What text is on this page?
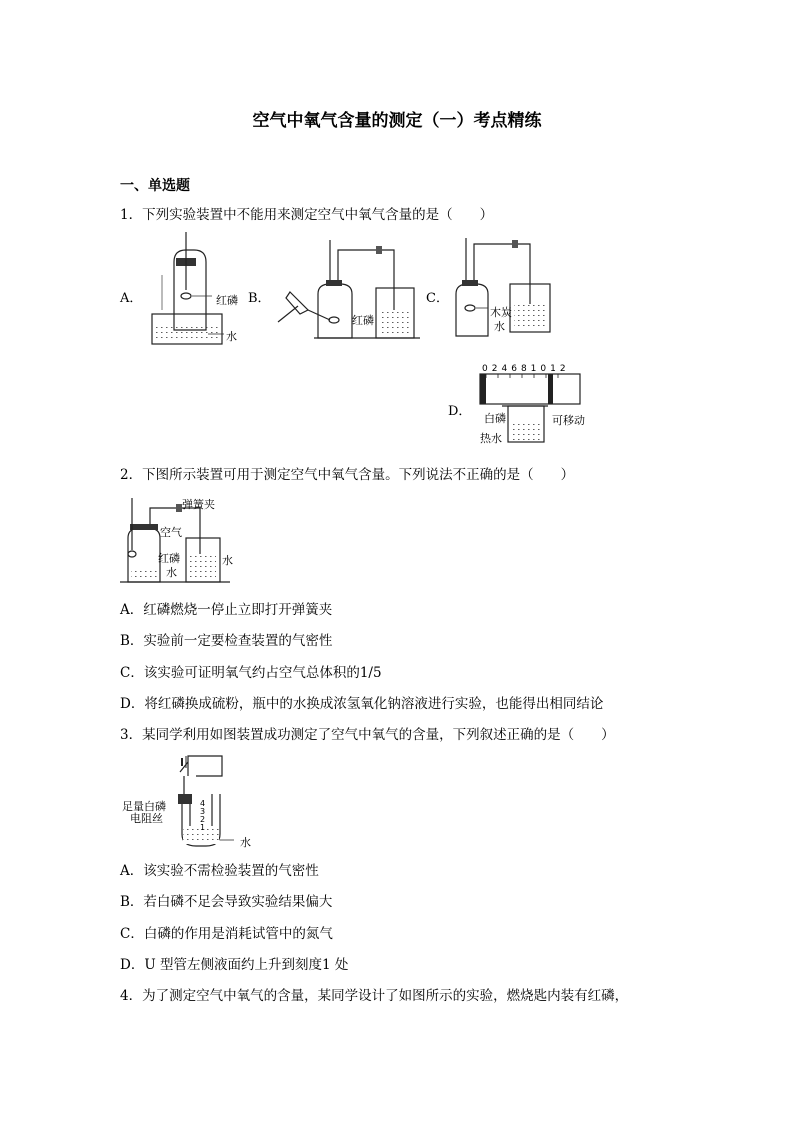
空气中氧气含量的测定（一）考点精练
一、单选题
1．下列实验装置中不能用来测定空气中氧气含量的是（　　）
A．	红磷
水
B．
红磷
C．
木炭
水
D．
024681012
白磷
热水
可移动
2．下图所示装置可用于测定空气中氧气含量。下列说法不正确的是（　　）
弹簧夹
空气
红磷
水
水
A．红磷燃烧一停止立即打开弹簧夹
B．实验前一定要检查装置的气密性
C．该实验可证明氧气约占空气总体积的1/5
D．将红磷换成硫粉，瓶中的水换成浓氢氧化钠溶液进行实验，也能得出相同结论
3．某同学利用如图装置成功测定了空气中氧气的含量，下列叙述正确的是（　　）
足量白磷
电阻丝
水
4
3
2
1
A．该实验不需检验装置的气密性
B．若白磷不足会导致实验结果偏大
C．白磷的作用是消耗试管中的氮气
D．U 型管左侧液面约上升到刻度1 处
4．为了测定空气中氧气的含量，某同学设计了如图所示的实验，燃烧匙内装有红磷，
